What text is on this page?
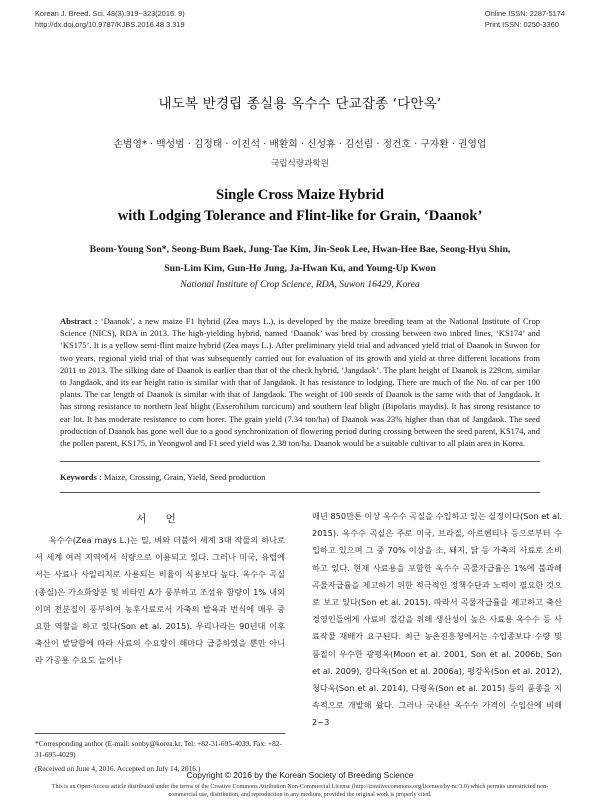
Korean J. Breed. Sci. 48(3):319~323(2016. 9)
http://dx.doi.org/10.9787/KJBS.2016.48.3.319
Online ISSN: 2287-5174
Print ISSN: 0250-3360
내도복 반경립 종실용 옥수수 단교잡종 ‘다안옥’
손범영* · 백성범 · 김정태 · 이진석 · 배환희 · 신성휴 · 김선림 · 정건호 · 구자환 · 권영업
국립식량과학원
Single Cross Maize Hybrid
with Lodging Tolerance and Flint-like for Grain, ‘Daanok’
Beom-Young Son*, Seong-Bum Baek, Jung-Tae Kim, Jin-Seok Lee, Hwan-Hee Bae, Seong-Hyu Shin,
Sun-Lim Kim, Gun-Ho Jung, Ja-Hwan Ku, and Young-Up Kwon
National Institute of Crop Science, RDA, Suwon 16429, Korea
Abstract : ‘Daanok’, a new maize F1 hybrid (Zea mays L.), is developed by the maize breeding team at the National Institute of Crop Science (NICS), RDA in 2013. The high-yielding hybrid, named ‘Daanok’ was bred by crossing between two inbred lines, ‘KS174’ and ‘KS175’. It is a yellow semi-flint maize hybrid (Zea mays L.). After preliminary yield trial and advanced yield trial of Daanok in Suwon for two years, regional yield trial of that was subsequently carried out for evaluation of its growth and yield at three different locations from 2011 to 2013. The silking date of Daanok is earlier than that of the check hybrid, ‘Jangdaok’. The plant height of Daanok is 229cm, similar to Jangdaok, and its ear height ratio is similar with that of Jangdaok. It has resistance to lodging. There are much of the No. of car per 100 plants. The car length of Daanok is similar with that of Jangdaok. The weight of 100 seeds of Daanok is the same with that of Jangdaok. It has strong resistance to northern leaf blight (Exserohilum turcicum) and southern leaf blight (Bipolaris maydis). It has strong resistance to ear lot. It has moderate resistance to corn borer. The grain yield (7.34 ton/ha) of Daanok was 23% higher than that of Jangdaok. The seed production of Daanok has gone well due to a good synchronization of flowering period during crossing between the seed parent, KS174, and the pollen parent, KS175, in Yeongwol and F1 seed yield was 2.38 ton/ha. Daanok would be a suitable cultivar to all plain area in Korea.
Keywords : Maize, Crossing, Grain, Yield, Seed production
서 언

옥수수(Zea mays L.)는 밀, 벼와 더불어 세계 3대 작물의 하나로서 세계 여러 지역에서 식량으로 이용되고 있다. 그러나 미국, 유럽에서는 사료나 사일리지로 사용되는 비율이 식용보다 높다. 옥수수 곡실(종실)은 가소화양분 및 비타민 A가 풍부하고 조섬유 함량이 1% 내외이며 전분질이 풍부하여 농후사료로서 가축의 발육과 번식에 매우 중요한 역할을 하고 있다(Son et al. 2015). 우리나라는 90년대 이후 축산이 발달함에 따라 사료의 수요량이 해마다 급증하였을 뿐만 아니라 가공용 수요도 늘어나

매년 850만톤 이상 옥수수 곡실을 수입하고 있는 실정이다(Son et al. 2015). 옥수수 곡실은 주로 미국, 브라질, 아르헨티나 등으로부터 수입하고 있으며 그 중 70% 이상을 소, 돼지, 닭 등 가축의 사료로 소비하고 있다. 현재 사료용을 포함한 옥수수 곡물자급률은 1%에 불과해 곡물자급률을 제고하기 위한 적극적인 정책수단과 노력이 필요한 것으로 보고 있다(Son et al. 2015). 따라서 곡물자급률을 제고하고 축산경영인들에게 사료비 절감을 위해 생산성이 높은 사료용 옥수수 등 사료작물 재배가 요구된다. 최근 농촌진흥청에서는 수입종보다 수량 및 품질이 우수한 광평옥(Moon et al. 2001, Son et al. 2006b, Son et al. 2009), 강다옥(Son et al. 2006a), 평강옥(Son et al. 2012), 청다옥(Son et al. 2014), 다평옥(Son et al. 2015) 등의 품종을 지속적으로 개발해 왔다. 그러나 국내산 옥수수 가격이 수입산에 비해 2~3

*Corresponding author (E-mail: sonby@korea.kr, Tel: +82-31-695-4039, Fax: +82-31-695-4029)

(Received on June 4, 2016. Accepted on July 14, 2016.)

Copyright © 2016 by the Korean Society of Breeding Science
This is an Open-Access article distributed under the terms of the Creative Commons Attribution Non-Commercial License (http://creativecommons.org/licenses/by-nc/3.0) which permits unrestricted non-commercial use, distribution, and reproduction in any medium, provided the original work is properly cited.
